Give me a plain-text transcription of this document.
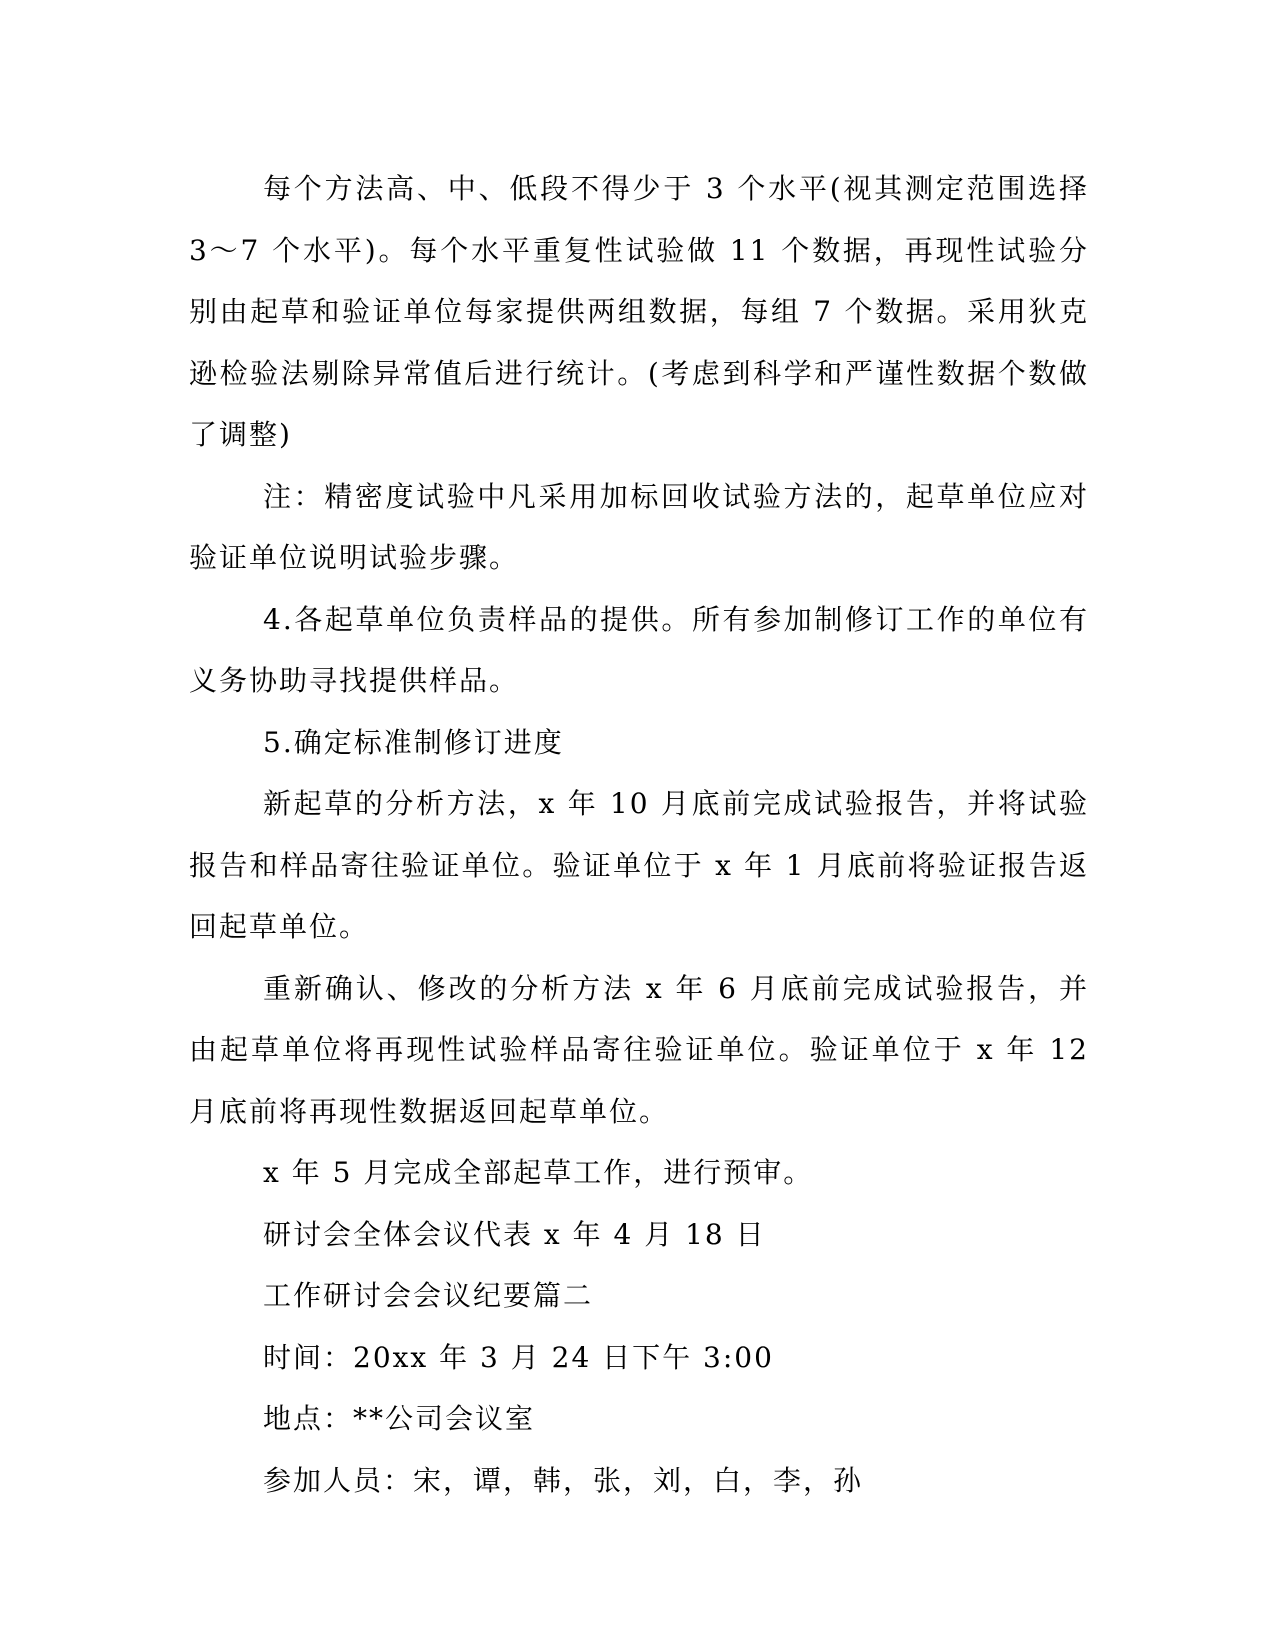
每个方法高、中、低段不得少于 3 个水平(视其测定范围选择 3～7 个水平)。每个水平重复性试验做 11 个数据，再现性试验分别由起草和验证单位每家提供两组数据，每组 7 个数据。采用狄克逊检验法剔除异常值后进行统计。(考虑到科学和严谨性数据个数做了调整)

注：精密度试验中凡采用加标回收试验方法的，起草单位应对验证单位说明试验步骤。

4.各起草单位负责样品的提供。所有参加制修订工作的单位有义务协助寻找提供样品。

5.确定标准制修订进度

新起草的分析方法，x 年 10 月底前完成试验报告，并将试验报告和样品寄往验证单位。验证单位于 x 年 1 月底前将验证报告返回起草单位。

重新确认、修改的分析方法 x 年 6 月底前完成试验报告，并由起草单位将再现性试验样品寄往验证单位。验证单位于 x 年 12 月底前将再现性数据返回起草单位。

x 年 5 月完成全部起草工作，进行预审。

研讨会全体会议代表 x 年 4 月 18 日

工作研讨会会议纪要篇二

时间：20xx 年 3 月 24 日下午 3:00

地点：**公司会议室

参加人员：宋，谭，韩，张，刘，白，李，孙
